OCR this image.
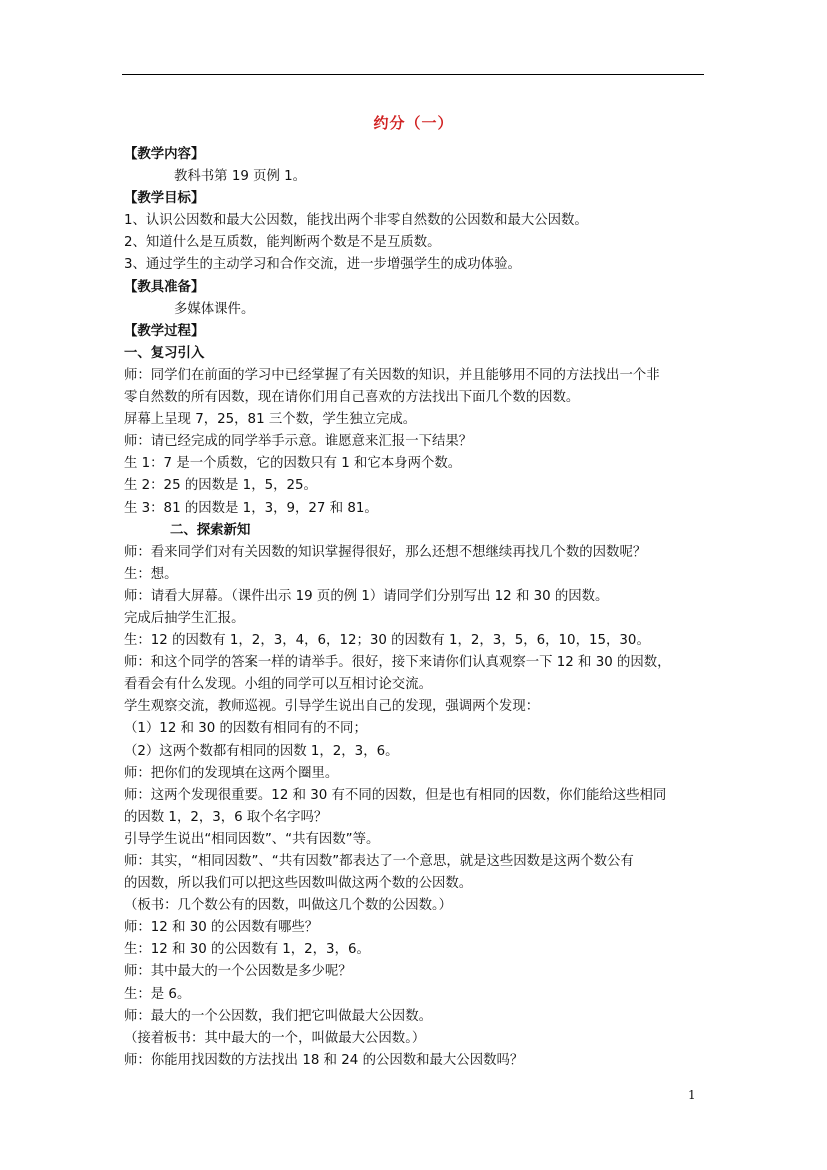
约分（一）
【教学内容】
教科书第 19 页例 1。
【教学目标】
1、认识公因数和最大公因数，能找出两个非零自然数的公因数和最大公因数。
2、知道什么是互质数，能判断两个数是不是互质数。
3、通过学生的主动学习和合作交流，进一步增强学生的成功体验。
【教具准备】
多媒体课件。
【教学过程】
一、复习引入
师：同学们在前面的学习中已经掌握了有关因数的知识，并且能够用不同的方法找出一个非
零自然数的所有因数，现在请你们用自己喜欢的方法找出下面几个数的因数。
屏幕上呈现 7，25，81 三个数，学生独立完成。
师：请已经完成的同学举手示意。谁愿意来汇报一下结果？
生 1：7 是一个质数，它的因数只有 1 和它本身两个数。
生 2：25 的因数是 1，5，25。
生 3：81 的因数是 1，3，9，27 和 81。
二、探索新知
师：看来同学们对有关因数的知识掌握得很好，那么还想不想继续再找几个数的因数呢？
生：想。
师：请看大屏幕。（课件出示 19 页的例 1）请同学们分别写出 12 和 30 的因数。
完成后抽学生汇报。
生：12 的因数有 1，2，3，4，6，12；30 的因数有 1，2，3，5，6，10，15，30。
师：和这个同学的答案一样的请举手。很好，接下来请你们认真观察一下 12 和 30 的因数，
看看会有什么发现。小组的同学可以互相讨论交流。
学生观察交流，教师巡视。引导学生说出自己的发现，强调两个发现：
（1）12 和 30 的因数有相同有的不同；
（2）这两个数都有相同的因数 1，2，3，6。
师：把你们的发现填在这两个圈里。
师：这两个发现很重要。12 和 30 有不同的因数，但是也有相同的因数，你们能给这些相同
的因数 1，2，3，6 取个名字吗？
引导学生说出“相同因数”、“共有因数”等。
师：其实，“相同因数”、“共有因数”都表达了一个意思，就是这些因数是这两个数公有
的因数，所以我们可以把这些因数叫做这两个数的公因数。
（板书：几个数公有的因数，叫做这几个数的公因数。）
师：12 和 30 的公因数有哪些？
生：12 和 30 的公因数有 1，2，3，6。
师：其中最大的一个公因数是多少呢？
生：是 6。
师：最大的一个公因数，我们把它叫做最大公因数。
（接着板书：其中最大的一个，叫做最大公因数。）
师：你能用找因数的方法找出 18 和 24 的公因数和最大公因数吗？
1
